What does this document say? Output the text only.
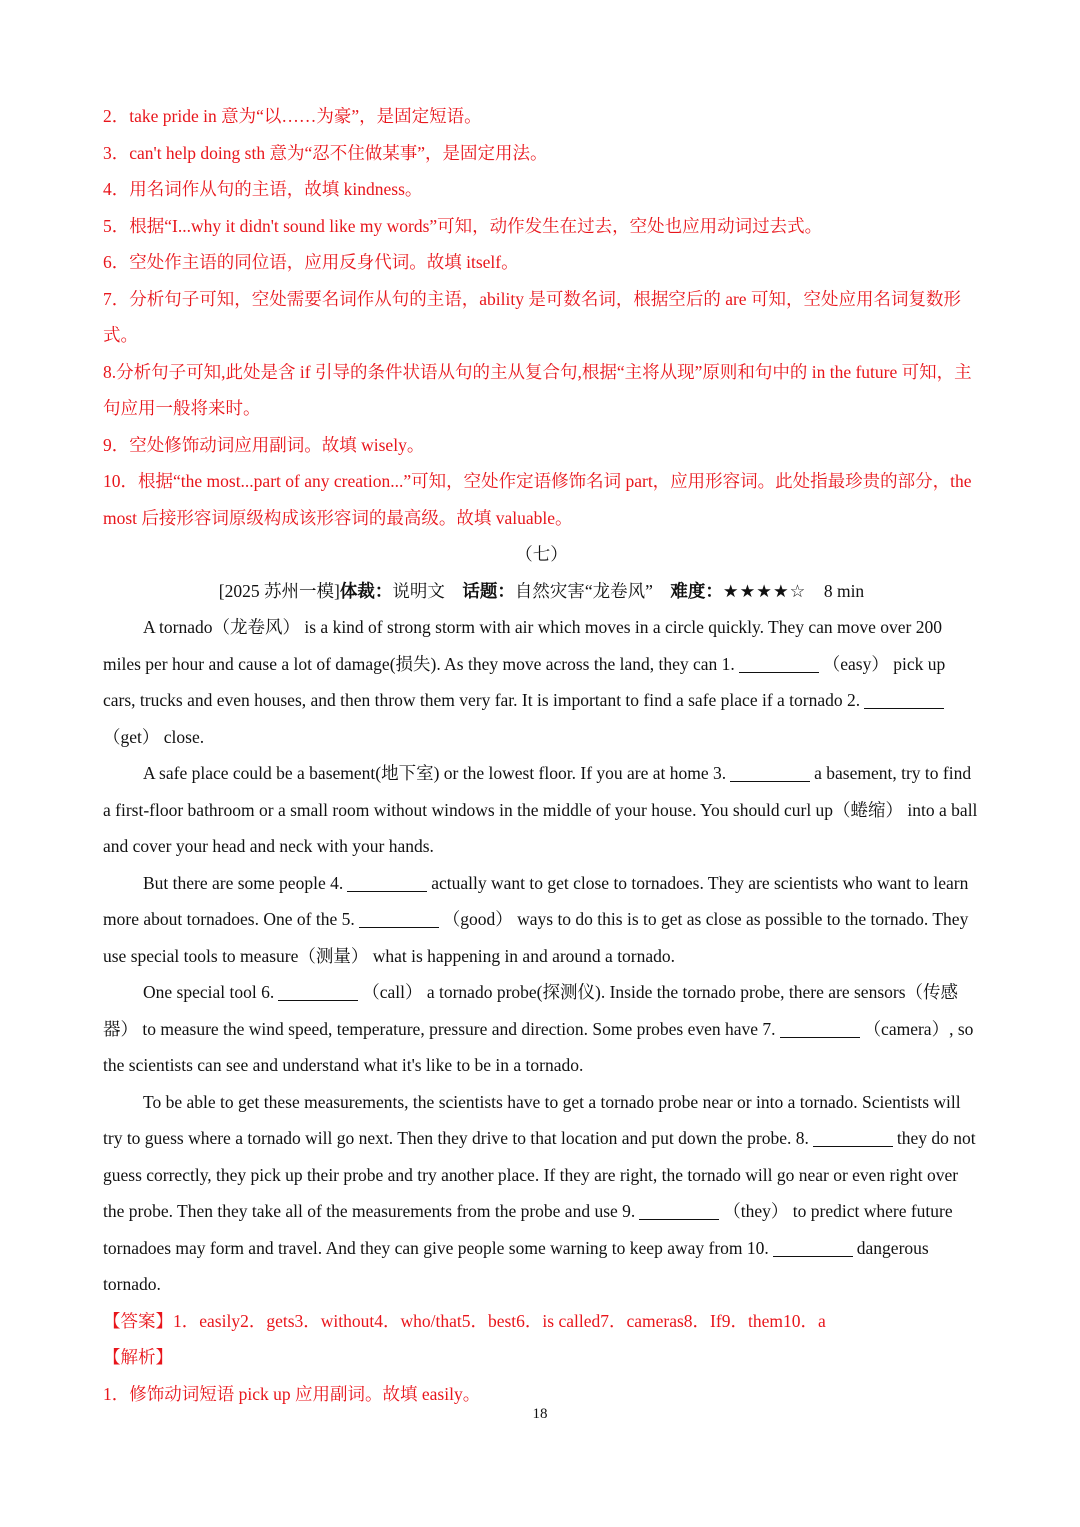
2．take pride in 意为“以……为豪”，是固定短语。

3．can't help doing sth 意为“忍不住做某事”，是固定用法。

4．用名词作从句的主语，故填 kindness。

5．根据“I...why it didn't sound like my words”可知，动作发生在过去，空处也应用动词过去式。

6．空处作主语的同位语，应用反身代词。故填 itself。

7．分析句子可知，空处需要名词作从句的主语，ability 是可数名词，根据空后的 are 可知，空处应用名词复数形式。

8.分析句子可知,此处是含 if 引导的条件状语从句的主从复合句,根据“主将从现”原则和句中的 in the future 可知，主句应用一般将来时。

9．空处修饰动词应用副词。故填 wisely。

10．根据“the most...part of any creation...”可知，空处作定语修饰名词 part，应用形容词。此处指最珍贵的部分，the most 后接形容词原级构成该形容词的最高级。故填 valuable。

（七）

[2025 苏州一模]体裁：说明文 话题：自然灾害“龙卷风” 难度：★★★★☆ 8 min

A tornado（龙卷风） is a kind of strong storm with air which moves in a circle quickly. They can move over 200 miles per hour and cause a lot of damage(损失). As they move across the land, they can 1.	（easy） pick up cars, trucks and even houses, and then throw them very far. It is important to find a safe place if a tornado 2.（get） close.

A safe place could be a basement(地下室) or the lowest floor. If you are at home 3.	a basement, try to find a first-floor bathroom or a small room without windows in the middle of your house. You should curl up（蜷缩） into a ball and cover your head and neck with your hands.

But there are some people 4.	actually want to get close to tornadoes. They are scientists who want to learn more about tornadoes. One of the 5.	（good） ways to do this is to get as close as possible to the tornado. They use special tools to measure（测量） what is happening in and around a tornado.

One special tool 6.	（call） a tornado probe(探测仪). Inside the tornado probe, there are sensors（传感器） to measure the wind speed, temperature, pressure and direction. Some probes even have 7.	（camera）, so the scientists can see and understand what it's like to be in a tornado.

To be able to get these measurements, the scientists have to get a tornado probe near or into a tornado. Scientists will try to guess where a tornado will go next. Then they drive to that location and put down the probe. 8.	they do not guess correctly, they pick up their probe and try another place. If they are right, the tornado will go near or even right over the probe. Then they take all of the measurements from the probe and use 9.	（they） to predict where future tornadoes may form and travel. And they can give people some warning to keep away from 10.	dangerous tornado.

【答案】1．easily2．gets3．without4．who/that5．best6．is called7．cameras8．If9．them10．a

【解析】

1．修饰动词短语 pick up 应用副词。故填 easily。

18
